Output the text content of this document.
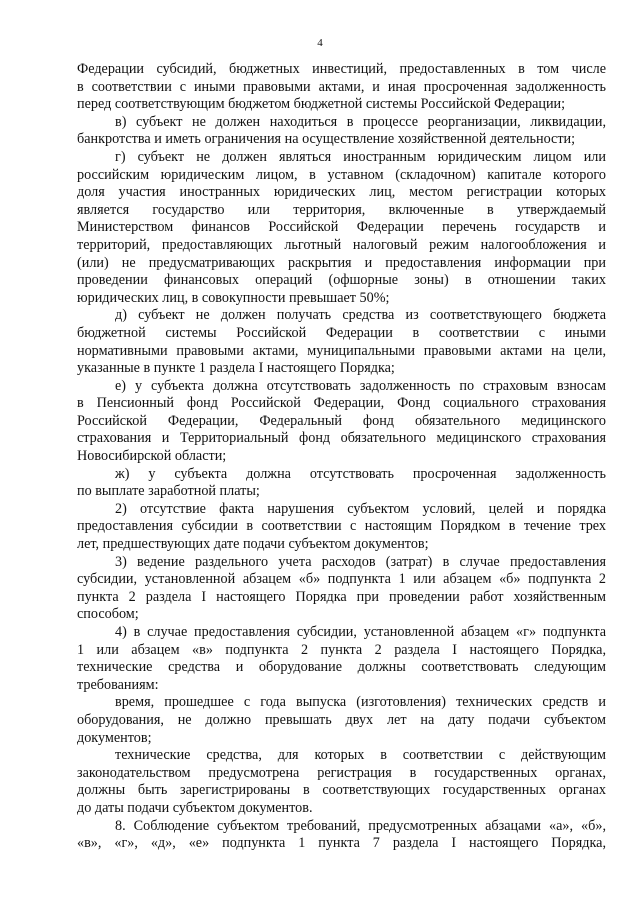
4
Федерации субсидий, бюджетных инвестиций, предоставленных в том числе
в соответствии с иными правовыми актами, и иная просроченная задолженность
перед соответствующим бюджетом бюджетной системы Российской Федерации;
в) субъект не должен находиться в процессе реорганизации, ликвидации,
банкротства и иметь ограничения на осуществление хозяйственной деятельности;
г) субъект не должен являться иностранным юридическим лицом или
российским юридическим лицом, в уставном (складочном) капитале которого
доля участия иностранных юридических лиц, местом регистрации которых
является государство или территория, включенные в утверждаемый
Министерством финансов Российской Федерации перечень государств и
территорий, предоставляющих льготный налоговый режим налогообложения и
(или) не предусматривающих раскрытия и предоставления информации при
проведении финансовых операций (офшорные зоны) в отношении таких
юридических лиц, в совокупности превышает 50%;
д) субъект не должен получать средства из соответствующего бюджета
бюджетной системы Российской Федерации в соответствии с иными
нормативными правовыми актами, муниципальными правовыми актами на цели,
указанные в пункте 1 раздела I настоящего Порядка;
е) у субъекта должна отсутствовать задолженность по страховым взносам
в Пенсионный фонд Российской Федерации, Фонд социального страхования
Российской Федерации, Федеральный фонд обязательного медицинского
страхования и Территориальный фонд обязательного медицинского страхования
Новосибирской области;
ж) у субъекта должна отсутствовать просроченная задолженность
по выплате заработной платы;
2) отсутствие факта нарушения субъектом условий, целей и порядка
предоставления субсидии в соответствии с настоящим Порядком в течение трех
лет, предшествующих дате подачи субъектом документов;
3) ведение раздельного учета расходов (затрат) в случае предоставления
субсидии, установленной абзацем «б» подпункта 1 или абзацем «б» подпункта 2
пункта 2 раздела I настоящего Порядка при проведении работ хозяйственным
способом;
4) в случае предоставления субсидии, установленной абзацем «г» подпункта
1 или абзацем «в» подпункта 2 пункта 2 раздела I настоящего Порядка,
технические средства и оборудование должны соответствовать следующим
требованиям:
время, прошедшее с года выпуска (изготовления) технических средств и
оборудования, не должно превышать двух лет на дату подачи субъектом
документов;
технические средства, для которых в соответствии с действующим
законодательством предусмотрена регистрация в государственных органах,
должны быть зарегистрированы в соответствующих государственных органах
до даты подачи субъектом документов.
8. Соблюдение субъектом требований, предусмотренных абзацами «а», «б»,
«в», «г», «д», «е» подпункта 1 пункта 7 раздела I настоящего Порядка,
